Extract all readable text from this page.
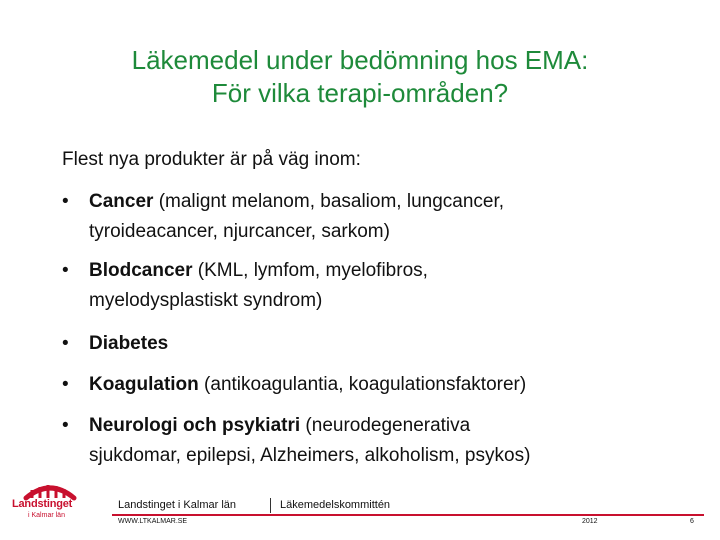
Läkemedel under bedömning hos EMA:
För vilka terapi-områden?
Flest nya produkter är på väg inom:
• Cancer (malignt melanom, basaliom, lungcancer,
tyroideacancer, njurcancer, sarkom)
• Blodcancer (KML, lymfom, myelofibros,
myelodysplastiskt syndrom)
• Diabetes
• Koagulation (antikoagulantia, koagulationsfaktorer)
• Neurologi och psykiatri (neurodegenerativa
sjukdomar, epilepsi, Alzheimers, alkoholism, psykos)
Landstinget
i Kalmar län
Landstinget i Kalmar län	Läkemedelskommittén
WWW.LTKALMAR.SE	2012	6
